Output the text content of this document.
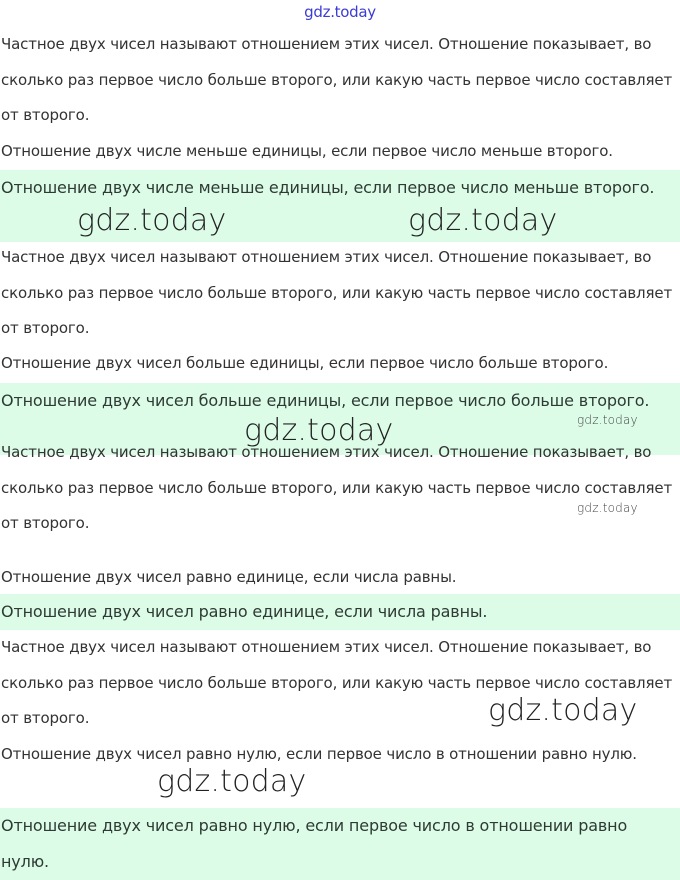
gdz.today

Частное двух чисел называют отношением этих чисел. Отношение показывает, во сколько раз первое число больше второго, или какую часть первое число составляет от второго.

Отношение двух числе меньше единицы, если первое число меньше второго.

Отношение двух числе меньше единицы, если первое число меньше второго.

Частное двух чисел называют отношением этих чисел. Отношение показывает, во сколько раз первое число больше второго, или какую часть первое число составляет от второго.

Отношение двух чисел больше единицы, если первое число больше второго.

Отношение двух чисел больше единицы, если первое число больше второго.

Частное двух чисел называют отношением этих чисел. Отношение показывает, во сколько раз первое число больше второго, или какую часть первое число составляет от второго.

Отношение двух чисел равно единице, если числа равны.

Отношение двух чисел равно единице, если числа равны.

Частное двух чисел называют отношением этих чисел. Отношение показывает, во сколько раз первое число больше второго, или какую часть первое число составляет от второго.

Отношение двух чисел равно нулю, если первое число в отношении равно нулю.

Отношение двух чисел равно нулю, если первое число в отношении равно нулю.

gdz.today	gdz.today
gdz.today	gdz.today
gdz.today
gdz.today
gdz.today
